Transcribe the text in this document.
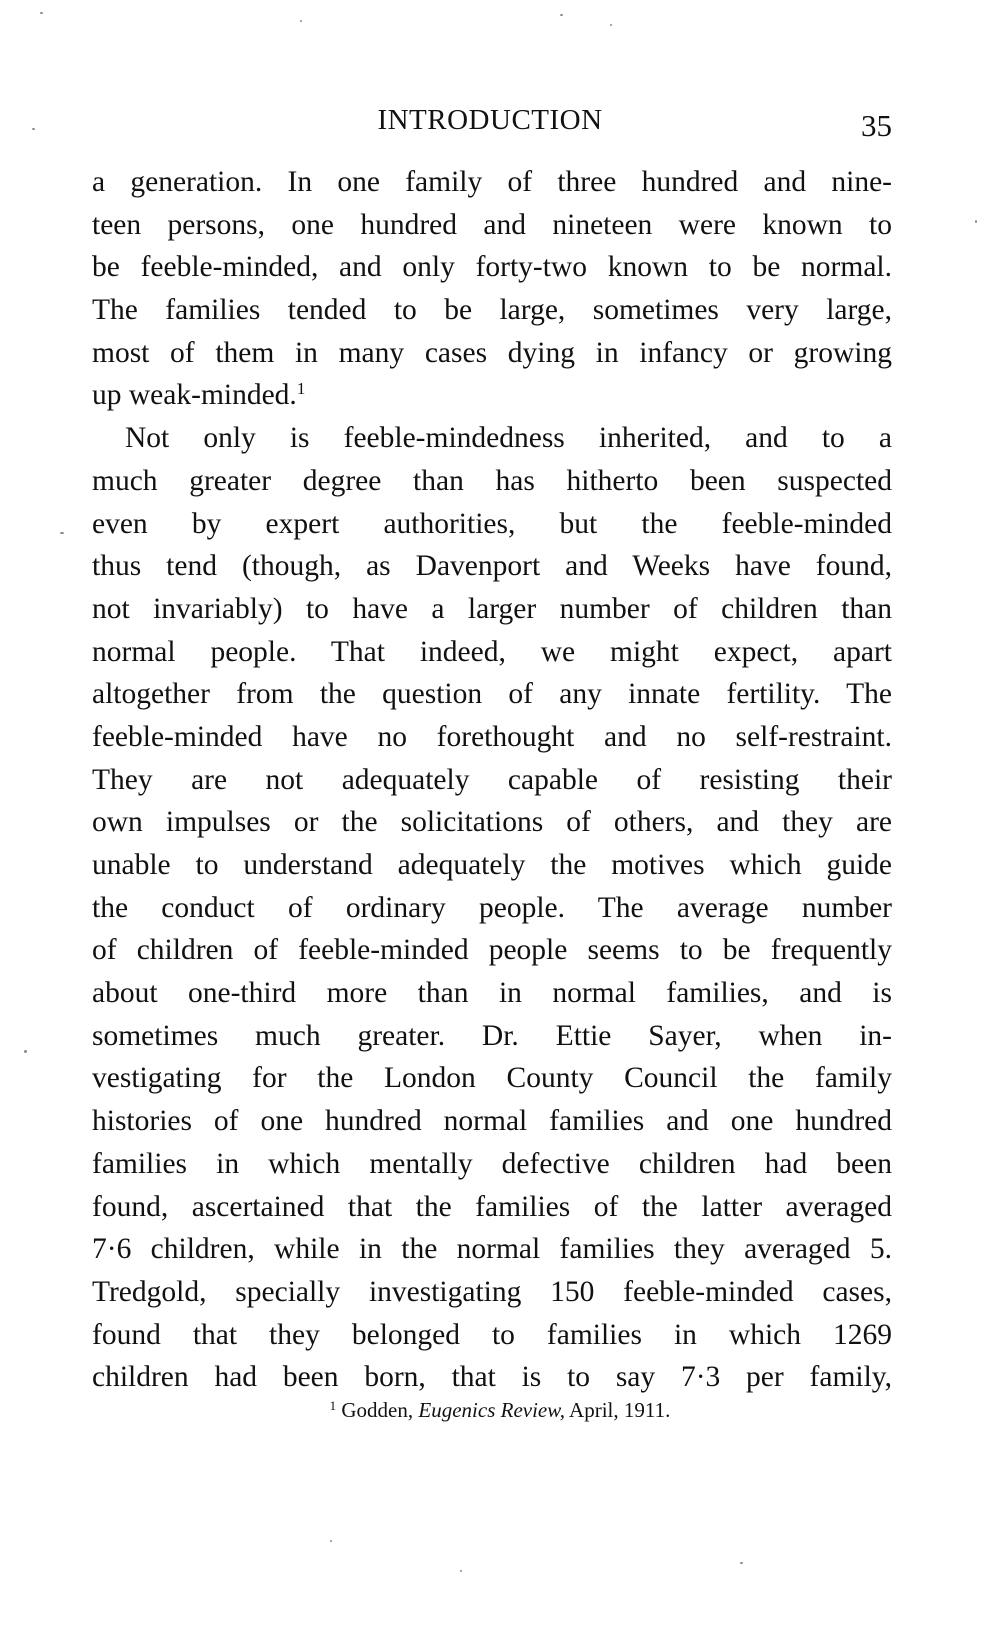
INTRODUCTION	35
a generation. In one family of three hundred and nine-
teen persons, one hundred and nineteen were known to
be feeble-minded, and only forty-two known to be normal.
The families tended to be large, sometimes very large,
most of them in many cases dying in infancy or growing
up weak-minded.$^1$
Not only is feeble-mindedness inherited, and to a
much greater degree than has hitherto been suspected
even by expert authorities, but the feeble-minded
thus tend (though, as Davenport and Weeks have found,
not invariably) to have a larger number of children than
normal people. That indeed, we might expect, apart
altogether from the question of any innate fertility. The
feeble-minded have no forethought and no self-restraint.
They are not adequately capable of resisting their
own impulses or the solicitations of others, and they are
unable to understand adequately the motives which guide
the conduct of ordinary people. The average number
of children of feeble-minded people seems to be frequently
about one-third more than in normal families, and is
sometimes much greater. Dr. Ettie Sayer, when in-
vestigating for the London County Council the family
histories of one hundred normal families and one hundred
families in which mentally defective children had been
found, ascertained that the families of the latter averaged
7·6 children, while in the normal families they averaged 5.
Tredgold, specially investigating 150 feeble-minded cases,
found that they belonged to families in which 1269
children had been born, that is to say 7·3 per family,
$^1$ Godden, Eugenics Review, April, 1911.
